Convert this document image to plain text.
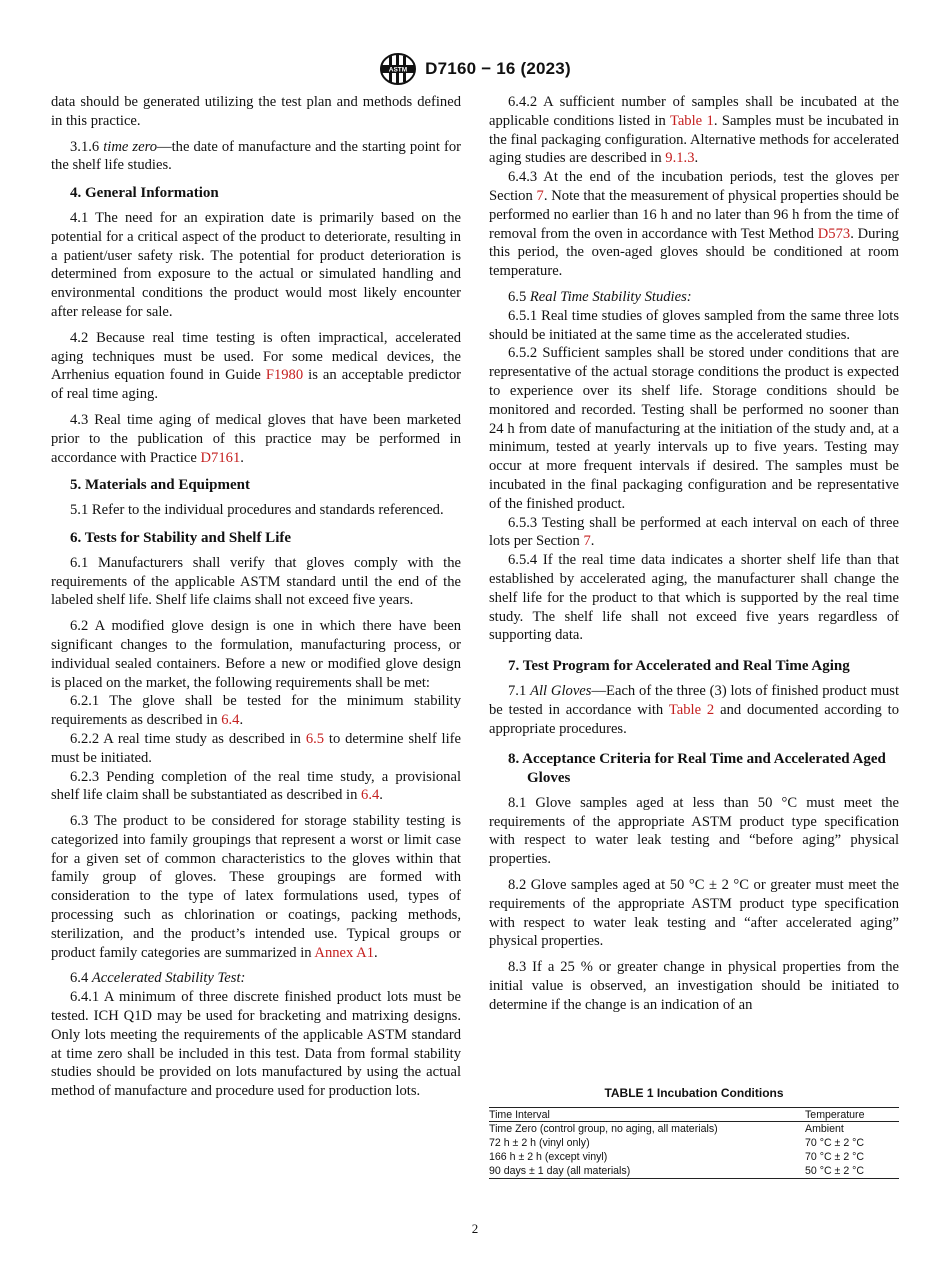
ASTM D7160 − 16 (2023)

data should be generated utilizing the test plan and methods defined in this practice.

3.1.6 time zero—the date of manufacture and the starting point for the shelf life studies.

4. General Information

4.1 The need for an expiration date is primarily based on the potential for a critical aspect of the product to deteriorate, resulting in a patient/user safety risk. The potential for product deterioration is determined from exposure to the actual or simulated handling and environmental conditions the product would most likely encounter after release for sale.

4.2 Because real time testing is often impractical, accelerated aging techniques must be used. For some medical devices, the Arrhenius equation found in Guide F1980 is an acceptable predictor of real time aging.

4.3 Real time aging of medical gloves that have been marketed prior to the publication of this practice may be performed in accordance with Practice D7161.

5. Materials and Equipment

5.1 Refer to the individual procedures and standards referenced.

6. Tests for Stability and Shelf Life

6.1 Manufacturers shall verify that gloves comply with the requirements of the applicable ASTM standard until the end of the labeled shelf life. Shelf life claims shall not exceed five years.

6.2 A modified glove design is one in which there have been significant changes to the formulation, manufacturing process, or individual sealed containers. Before a new or modified glove design is placed on the market, the following requirements shall be met:

6.2.1 The glove shall be tested for the minimum stability requirements as described in 6.4.

6.2.2 A real time study as described in 6.5 to determine shelf life must be initiated.

6.2.3 Pending completion of the real time study, a provisional shelf life claim shall be substantiated as described in 6.4.

6.3 The product to be considered for storage stability testing is categorized into family groupings that represent a worst or limit case for a given set of common characteristics to the gloves within that family group of gloves. These groupings are formed with consideration to the type of latex formulations used, types of processing such as chlorination or coatings, packing methods, sterilization, and the product’s intended use. Typical groups or product family categories are summarized in Annex A1.

6.4 Accelerated Stability Test:

6.4.1 A minimum of three discrete finished product lots must be tested. ICH Q1D may be used for bracketing and matrixing designs. Only lots meeting the requirements of the applicable ASTM standard at time zero shall be included in this test. Data from formal stability studies should be provided on lots manufactured by using the actual method of manufacture and procedure used for production lots.

6.4.2 A sufficient number of samples shall be incubated at the applicable conditions listed in Table 1. Samples must be incubated in the final packaging configuration. Alternative methods for accelerated aging studies are described in 9.1.3.

6.4.3 At the end of the incubation periods, test the gloves per Section 7. Note that the measurement of physical properties should be performed no earlier than 16 h and no later than 96 h from the time of removal from the oven in accordance with Test Method D573. During this period, the oven-aged gloves should be conditioned at room temperature.

6.5 Real Time Stability Studies:

6.5.1 Real time studies of gloves sampled from the same three lots should be initiated at the same time as the accelerated studies.

6.5.2 Sufficient samples shall be stored under conditions that are representative of the actual storage conditions the product is expected to experience over its shelf life. Storage conditions should be monitored and recorded. Testing shall be performed no sooner than 24 h from date of manufacturing at the initiation of the study and, at a minimum, tested at yearly intervals up to five years. Testing may occur at more frequent intervals if desired. The samples must be incubated in the final packaging configuration and be representative of the finished product.

6.5.3 Testing shall be performed at each interval on each of three lots per Section 7.

6.5.4 If the real time data indicates a shorter shelf life than that established by accelerated aging, the manufacturer shall change the shelf life for the product to that which is supported by the real time study. The shelf life shall not exceed five years regardless of supporting data.

7. Test Program for Accelerated and Real Time Aging

7.1 All Gloves—Each of the three (3) lots of finished product must be tested in accordance with Table 2 and documented according to appropriate procedures.

8. Acceptance Criteria for Real Time and Accelerated Aged Gloves

8.1 Glove samples aged at less than 50 °C must meet the requirements of the appropriate ASTM product type specification with respect to water leak testing and “before aging” physical properties.

8.2 Glove samples aged at 50 °C ± 2 °C or greater must meet the requirements of the appropriate ASTM product type specification with respect to water leak testing and “after accelerated aging” physical properties.

8.3 If a 25 % or greater change in physical properties from the initial value is observed, an investigation should be initiated to determine if the change is an indication of an

TABLE 1 Incubation Conditions
Time Interval	Temperature
Time Zero (control group, no aging, all materials)	Ambient
72 h ± 2 h (vinyl only)	70 °C ± 2 °C
166 h ± 2 h (except vinyl)	70 °C ± 2 °C
90 days ± 1 day (all materials)	50 °C ± 2 °C
2
